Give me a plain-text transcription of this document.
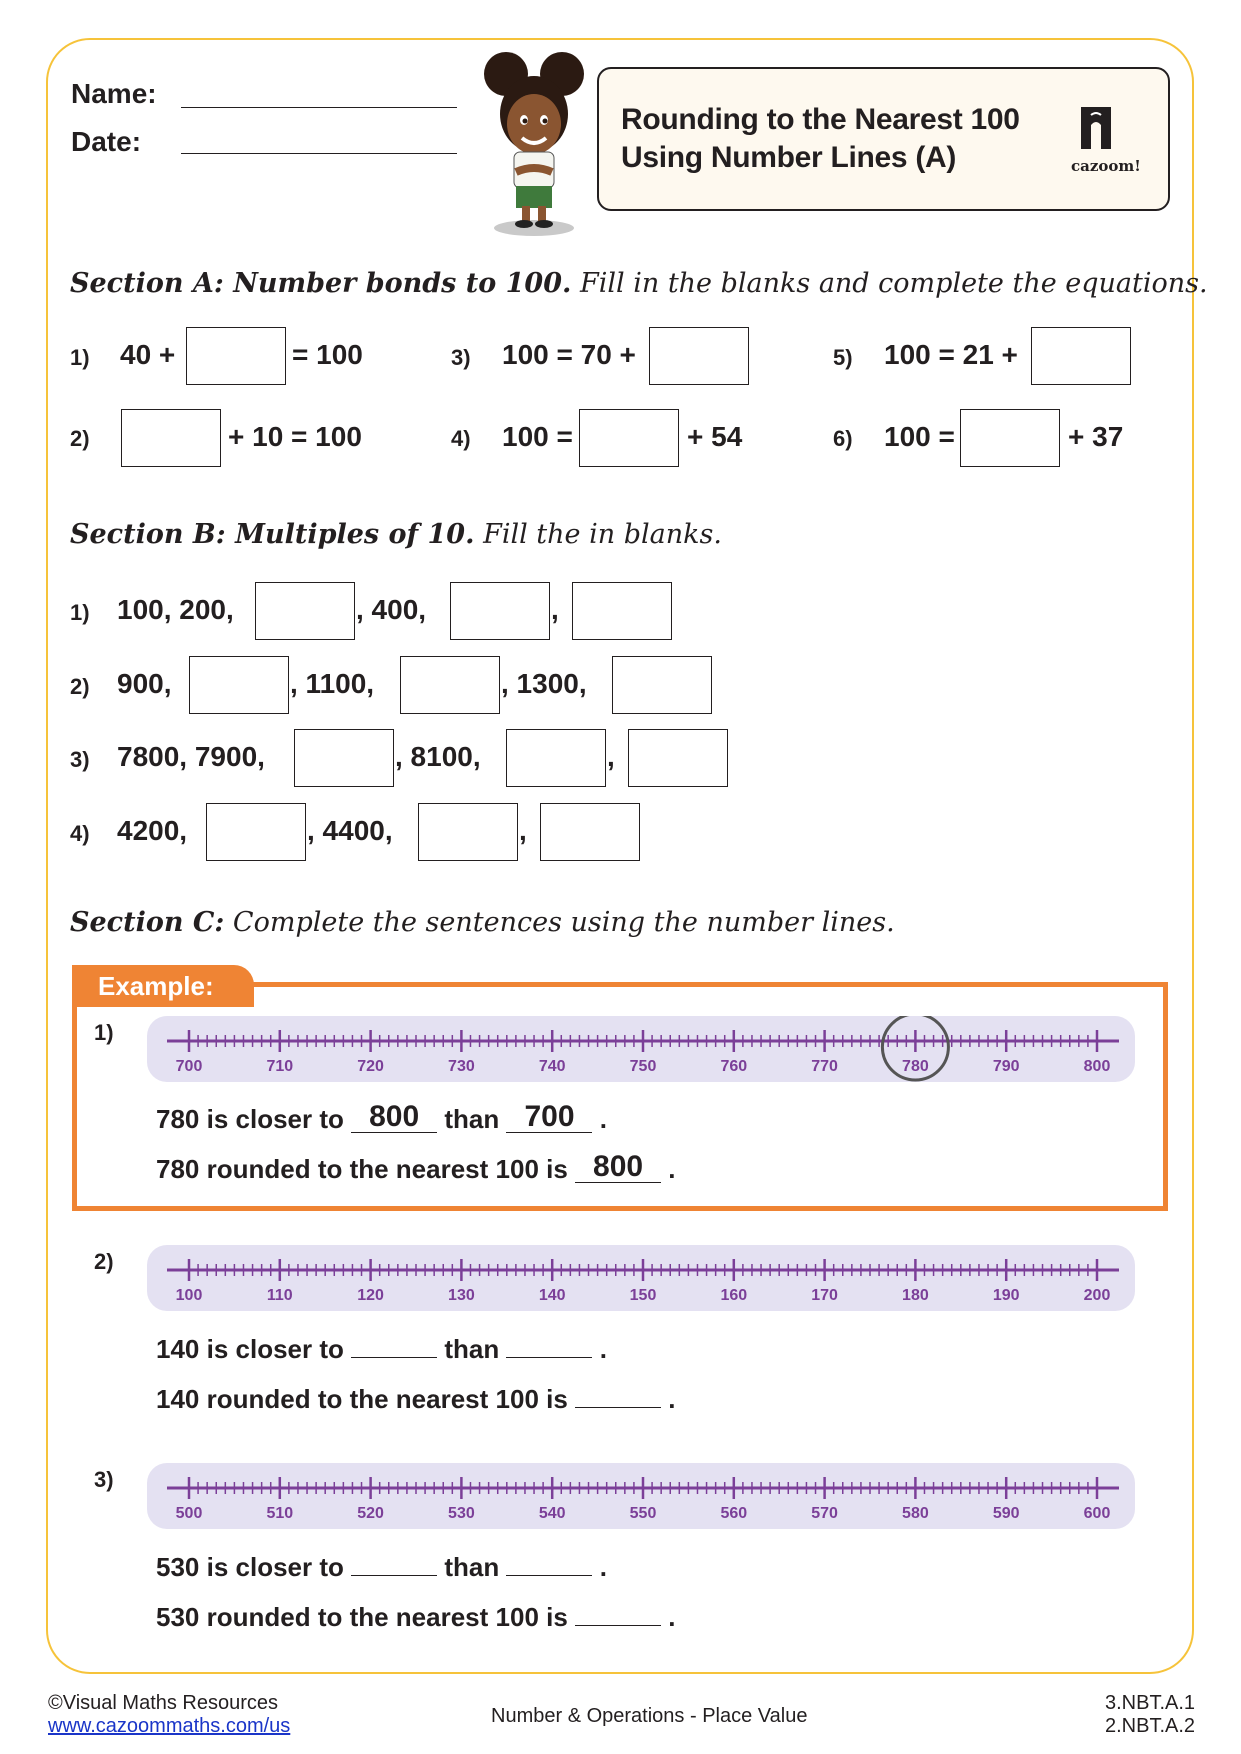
Name:
Date:
Rounding to the Nearest 100
Using Number Lines (A)	cazoom!
Section A: Number bonds to 100. Fill in the blanks and complete the equations.
1) 40 +	= 100
2)	+ 10 = 100
3) 100 = 70 +
4) 100 =	+ 54
5) 100 = 21 +
6) 100 =	+ 37
Section B: Multiples of 10. Fill the in blanks.
1) 100, 200,	, 400,	,
2) 900,	, 1100,	, 1300,
3) 7800, 7900,	, 8100,	,
4) 4200,	, 4400,	,
Section C: Complete the sentences using the number lines.
Example:
1)
700	710	720	730	740	750	760	770	780	790	800
780 is closer to 800 than 700 .
780 rounded to the nearest 100 is 800 .
2)
100	110	120	130	140	150	160	170	180	190	200
140 is closer to	than	.
140 rounded to the nearest 100 is	.
3)
500	510	520	530	540	550	560	570	580	590	600
530 is closer to	than	.
530 rounded to the nearest 100 is	.
©Visual Maths Resources
www.cazoommaths.com/us	Number & Operations - Place Value
3.NBT.A.1
2.NBT.A.2
